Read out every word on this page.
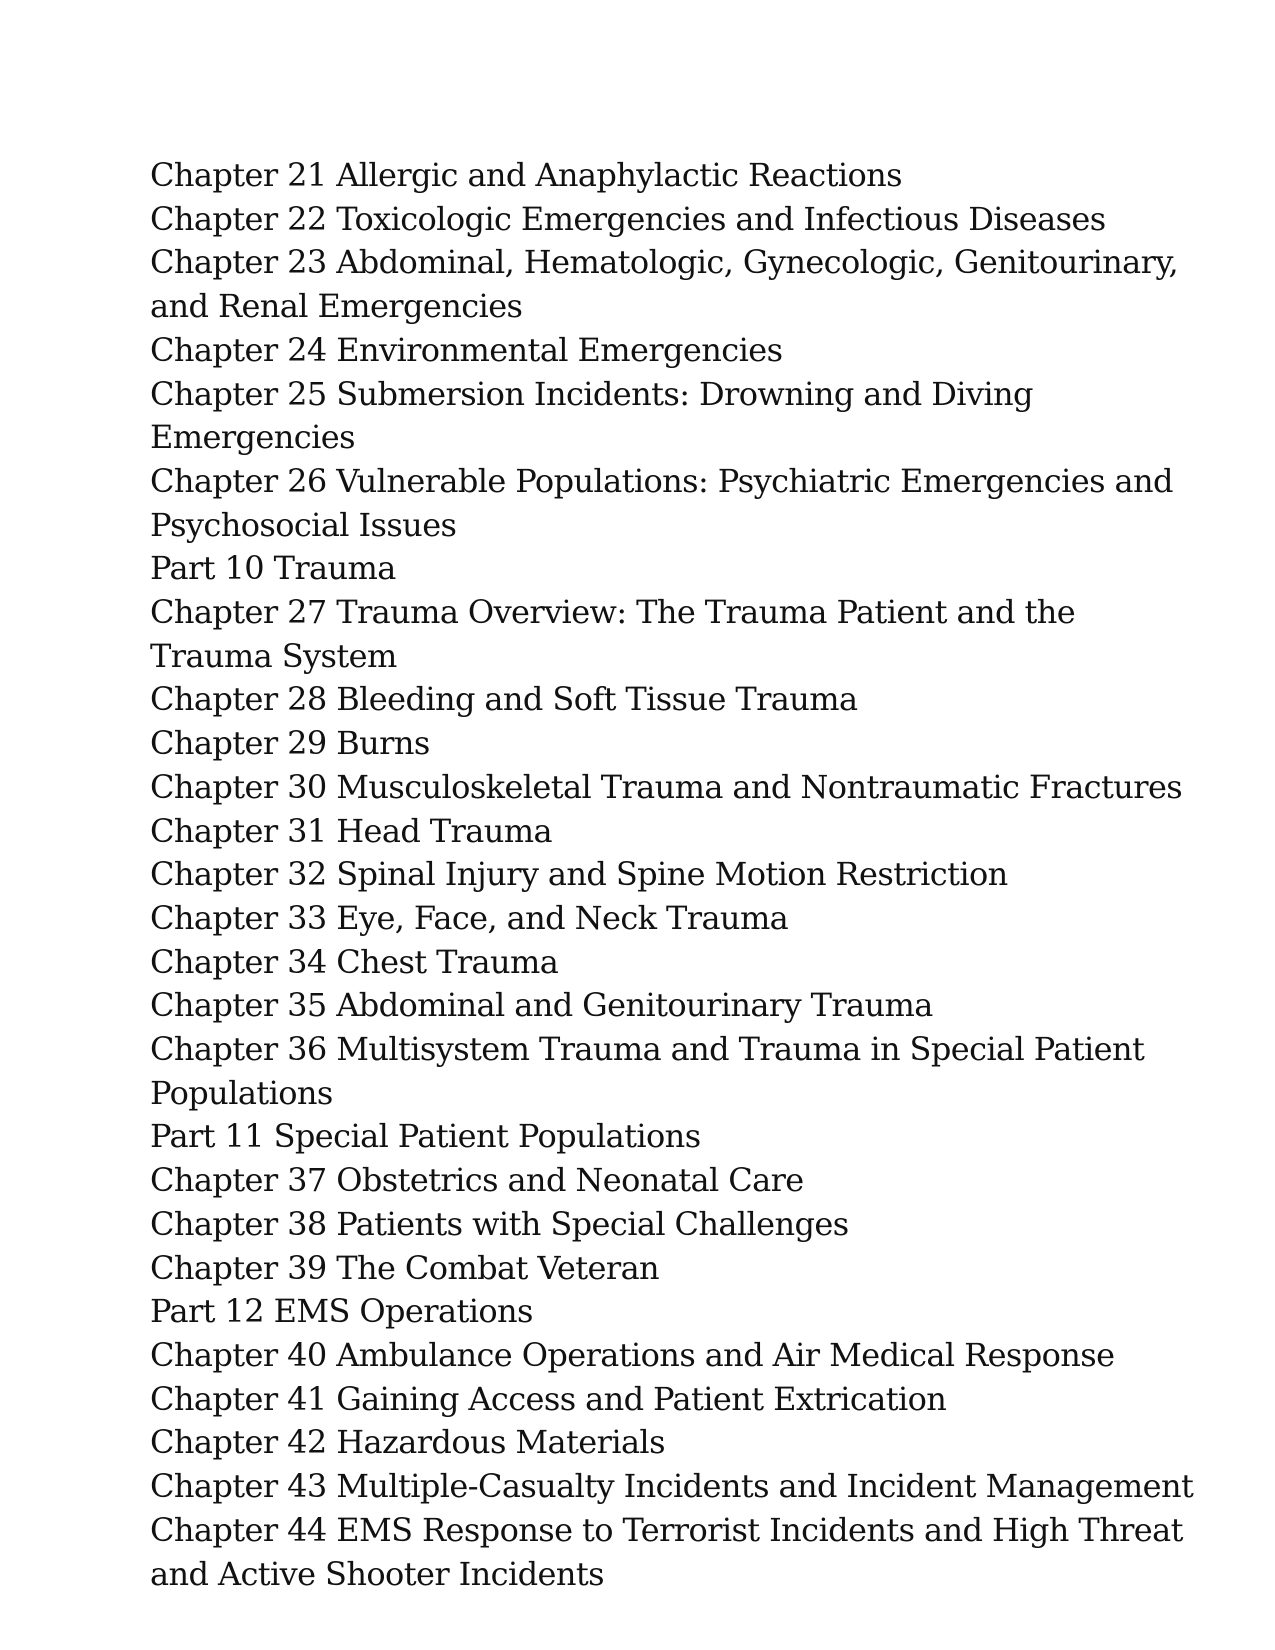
Chapter 21 Allergic and Anaphylactic Reactions
Chapter 22 Toxicologic Emergencies and Infectious Diseases
Chapter 23 Abdominal, Hematologic, Gynecologic, Genitourinary,
and Renal Emergencies
Chapter 24 Environmental Emergencies
Chapter 25 Submersion Incidents: Drowning and Diving
Emergencies
Chapter 26 Vulnerable Populations: Psychiatric Emergencies and
Psychosocial Issues
Part 10 Trauma
Chapter 27 Trauma Overview: The Trauma Patient and the
Trauma System
Chapter 28 Bleeding and Soft Tissue Trauma
Chapter 29 Burns
Chapter 30 Musculoskeletal Trauma and Nontraumatic Fractures
Chapter 31 Head Trauma
Chapter 32 Spinal Injury and Spine Motion Restriction
Chapter 33 Eye, Face, and Neck Trauma
Chapter 34 Chest Trauma
Chapter 35 Abdominal and Genitourinary Trauma
Chapter 36 Multisystem Trauma and Trauma in Special Patient
Populations
Part 11 Special Patient Populations
Chapter 37 Obstetrics and Neonatal Care
Chapter 38 Patients with Special Challenges
Chapter 39 The Combat Veteran
Part 12 EMS Operations
Chapter 40 Ambulance Operations and Air Medical Response
Chapter 41 Gaining Access and Patient Extrication
Chapter 42 Hazardous Materials
Chapter 43 Multiple-Casualty Incidents and Incident Management
Chapter 44 EMS Response to Terrorist Incidents and High Threat
and Active Shooter Incidents
